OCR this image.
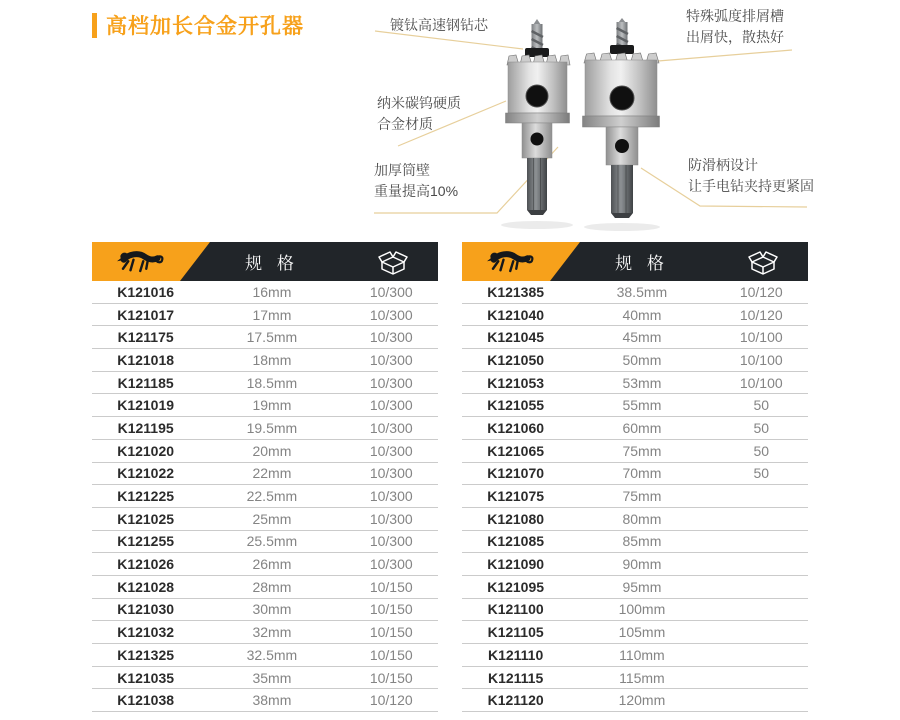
高档加长合金开孔器	镀钛高速钢钻芯
特殊弧度排屑槽
出屑快，散热好
纳米碳钨硬质
合金材质
加厚筒壁
重量提高10%
防滑柄设计
让手电钻夹持更紧固
规 格
K121016	16mm	10/300
K121017	17mm	10/300
K121175	17.5mm	10/300
K121018	18mm	10/300
K121185	18.5mm	10/300
K121019	19mm	10/300
K121195	19.5mm	10/300
K121020	20mm	10/300
K121022	22mm	10/300
K121225	22.5mm	10/300
K121025	25mm	10/300
K121255	25.5mm	10/300
K121026	26mm	10/300
K121028	28mm	10/150
K121030	30mm	10/150
K121032	32mm	10/150
K121325	32.5mm	10/150
K121035	35mm	10/150
K121038	38mm	10/120
规 格
K121385	38.5mm	10/120
K121040	40mm	10/120
K121045	45mm	10/100
K121050	50mm	10/100
K121053	53mm	10/100
K121055	55mm	50
K121060	60mm	50
K121065	75mm	50
K121070	70mm	50
K121075	75mm
K121080	80mm
K121085	85mm
K121090	90mm
K121095	95mm
K121100	100mm
K121105	105mm
K121110	110mm
K121115	115mm
K121120	120mm
